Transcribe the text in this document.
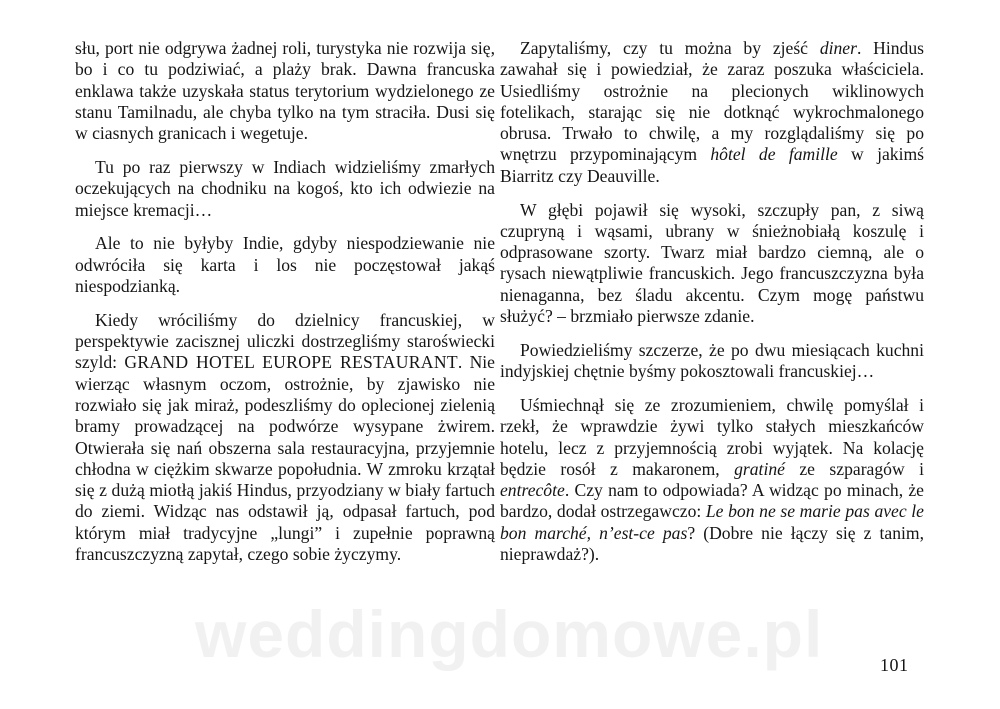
weddingdomowe.pl

słu, port nie odgrywa żadnej roli, turystyka nie rozwija się, bo i co tu podziwiać, a plaży brak. Dawna francuska enklawa także uzyskała status terytorium wydzielonego ze stanu Tamilnadu, ale chyba tylko na tym straciła. Dusi się w ciasnych granicach i wegetuje.

Tu po raz pierwszy w Indiach widzieliśmy zmarłych oczekujących na chodniku na kogoś, kto ich odwiezie na miejsce kremacji…

Ale to nie byłyby Indie, gdyby niespodziewanie nie odwróciła się karta i los nie poczęstował jakąś niespodzianką.

Kiedy wróciliśmy do dzielnicy francuskiej, w perspektywie zacisznej uliczki dostrzegliśmy staroświecki szyld: GRAND HOTEL EUROPE RESTAURANT. Nie wierząc własnym oczom, ostrożnie, by zjawisko nie rozwiało się jak miraż, podeszliśmy do oplecionej zielenią bramy prowadzącej na podwórze wysypane żwirem. Otwierała się nań obszerna sala restauracyjna, przyjemnie chłodna w ciężkim skwarze popołudnia. W zmroku krzątał się z dużą miotłą jakiś Hindus, przyodziany w biały fartuch do ziemi. Widząc nas odstawił ją, odpasał fartuch, pod którym miał tradycyjne „lungi” i zupełnie poprawną francuszczyzną zapytał, czego sobie życzymy.

Zapytaliśmy, czy tu można by zjeść diner. Hindus zawahał się i powiedział, że zaraz poszuka właściciela. Usiedliśmy ostrożnie na plecionych wiklinowych fotelikach, starając się nie dotknąć wykrochmalonego obrusa. Trwało to chwilę, a my rozglądaliśmy się po wnętrzu przypominającym hôtel de famille w jakimś Biarritz czy Deauville.

W głębi pojawił się wysoki, szczupły pan, z siwą czupryną i wąsami, ubrany w śnieżnobiałą koszulę i odprasowane szorty. Twarz miał bardzo ciemną, ale o rysach niewątpliwie francuskich. Jego francuszczyzna była nienaganna, bez śladu akcentu. Czym mogę państwu służyć? – brzmiało pierwsze zdanie.

Powiedzieliśmy szczerze, że po dwu miesiącach kuchni indyjskiej chętnie byśmy pokosztowali francuskiej…

Uśmiechnął się ze zrozumieniem, chwilę pomyślał i rzekł, że wprawdzie żywi tylko stałych mieszkańców hotelu, lecz z przyjemnością zrobi wyjątek. Na kolację będzie rosół z makaronem, gratiné ze szparagów i entrecôte. Czy nam to odpowiada? A widząc po minach, że bardzo, dodał ostrzegawczo: Le bon ne se marie pas avec le bon marché, n’est-ce pas? (Dobre nie łączy się z tanim, nieprawdaż?).

101
